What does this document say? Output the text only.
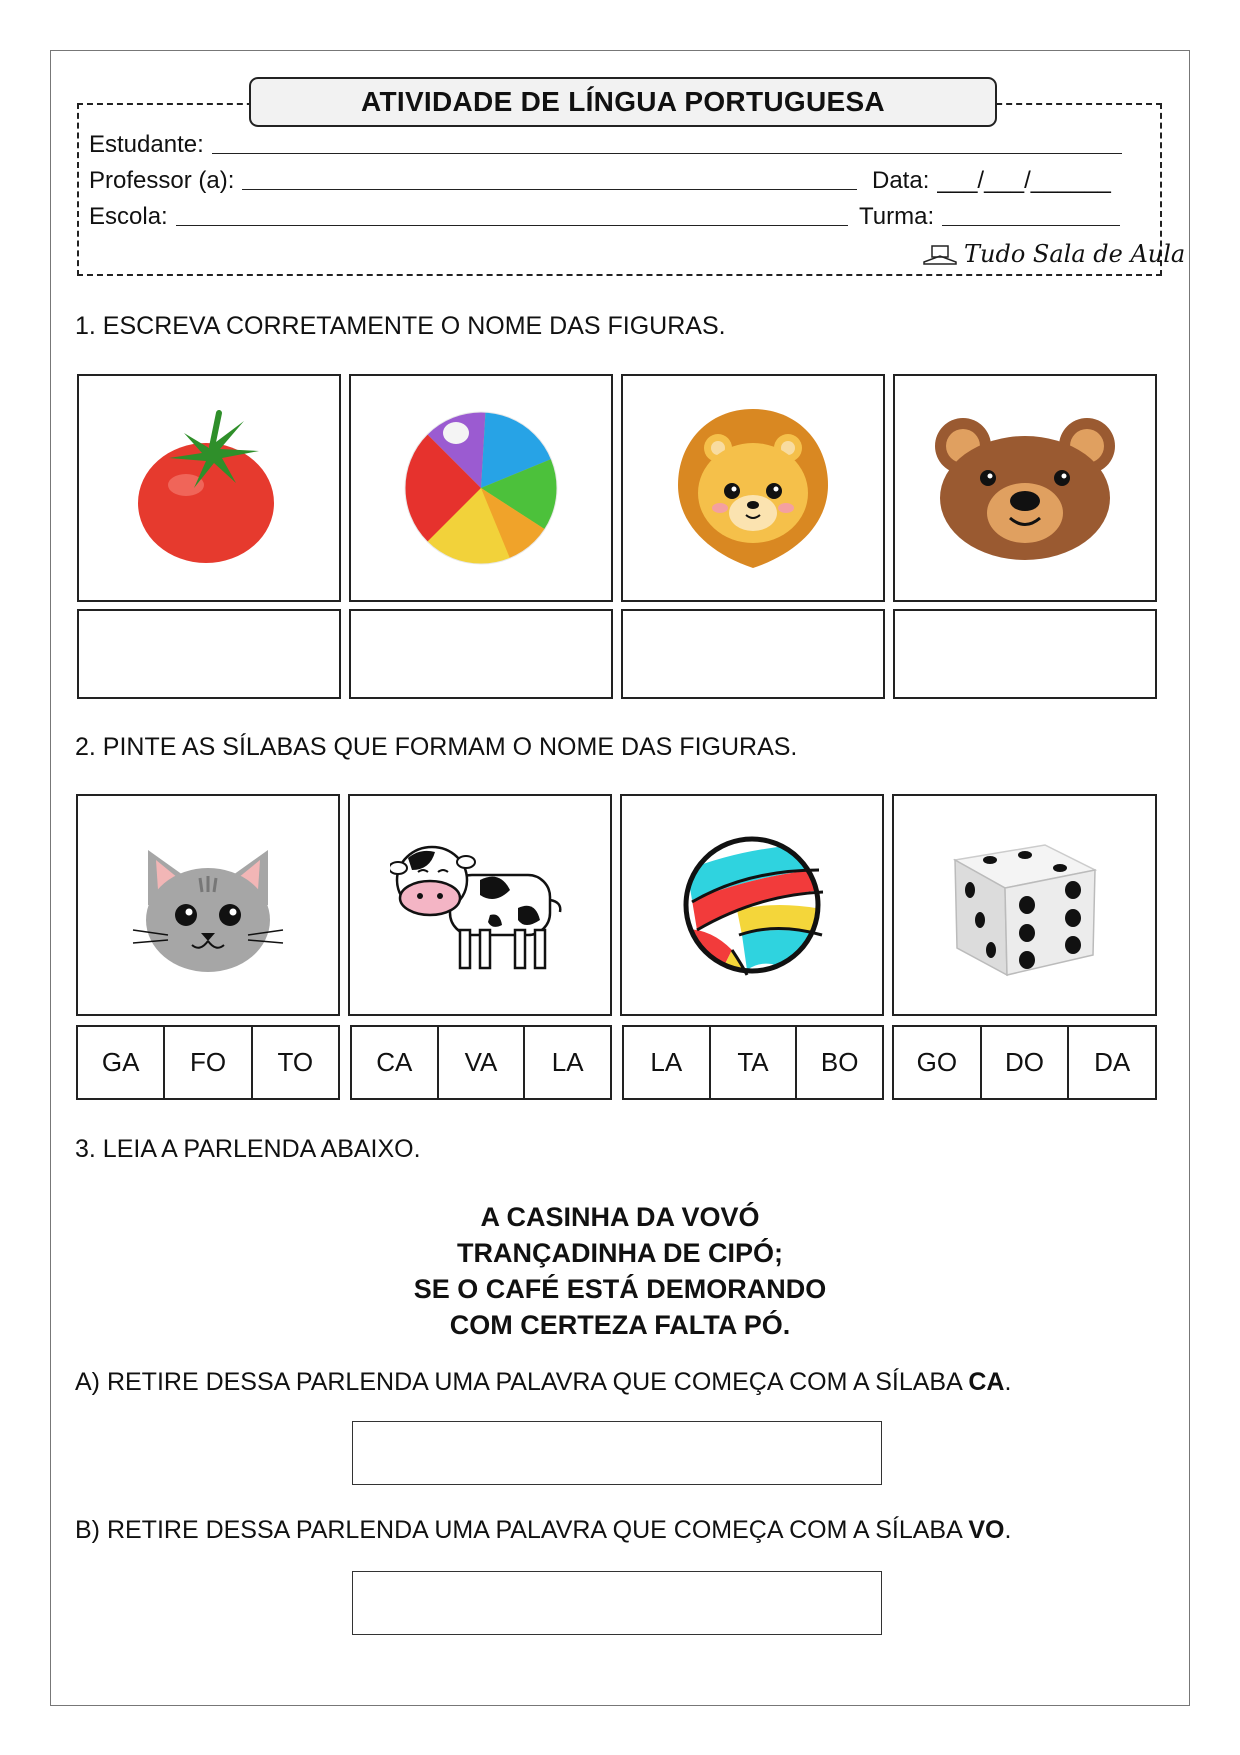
ATIVIDADE DE LÍNGUA PORTUGUESA
Estudante:
Professor (a):	Data: ___/___/______
Escola:	Turma:
Tudo Sala de Aula
1. ESCREVA CORRETAMENTE O NOME DAS FIGURAS.
2. PINTE AS SÍLABAS QUE FORMAM O NOME DAS FIGURAS.
GA	FO	TO	CA	VA	LA	LA	TA	BO	GO	DO	DA
3. LEIA A PARLENDA ABAIXO.
A CASINHA DA VOVÓ
TRANÇADINHA DE CIPÓ;
SE O CAFÉ ESTÁ DEMORANDO
COM CERTEZA FALTA PÓ.
A) RETIRE DESSA PARLENDA UMA PALAVRA QUE COMEÇA COM A SÍLABA CA.
B) RETIRE DESSA PARLENDA UMA PALAVRA QUE COMEÇA COM A SÍLABA VO.
